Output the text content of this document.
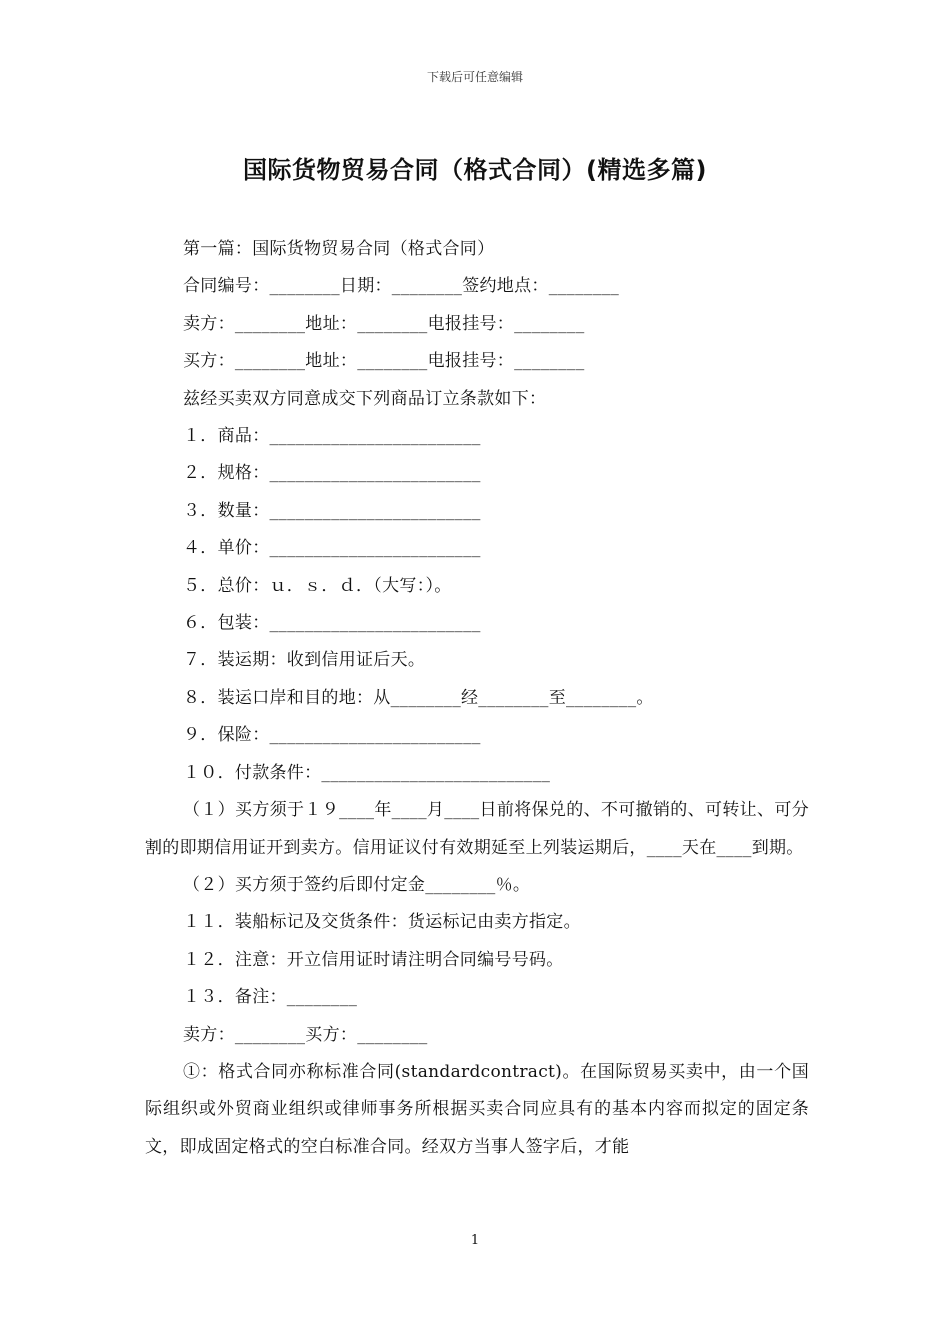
下载后可任意编辑
国际货物贸易合同（格式合同）(精选多篇)
第一篇：国际货物贸易合同（格式合同）
合同编号：________日期：________签约地点：________
卖方：________地址：________电报挂号：________
买方：________地址：________电报挂号：________
兹经买卖双方同意成交下列商品订立条款如下：
１．商品：________________________
２．规格：________________________
３．数量：________________________
４．单价：________________________
５．总价：ｕ．ｓ．ｄ．（大写：）。
６．包装：________________________
７．装运期：收到信用证后天。
８．装运口岸和目的地：从________经________至________。
９．保险：________________________
１０．付款条件：__________________________
（１）买方须于１９____年____月____日前将保兑的、不可撤销的、可转让、可分割的即期信用证开到卖方。信用证议付有效期延至上列装运期后，____天在____到期。
（２）买方须于签约后即付定金________％。
１１．装船标记及交货条件：货运标记由卖方指定。
１２．注意：开立信用证时请注明合同编号号码。
１３．备注：________
卖方：________买方：________
①：格式合同亦称标准合同(standardcontract)。在国际贸易买卖中，由一个国际组织或外贸商业组织或律师事务所根据买卖合同应具有的基本内容而拟定的固定条文，即成固定格式的空白标准合同。经双方当事人签字后，才能
1
